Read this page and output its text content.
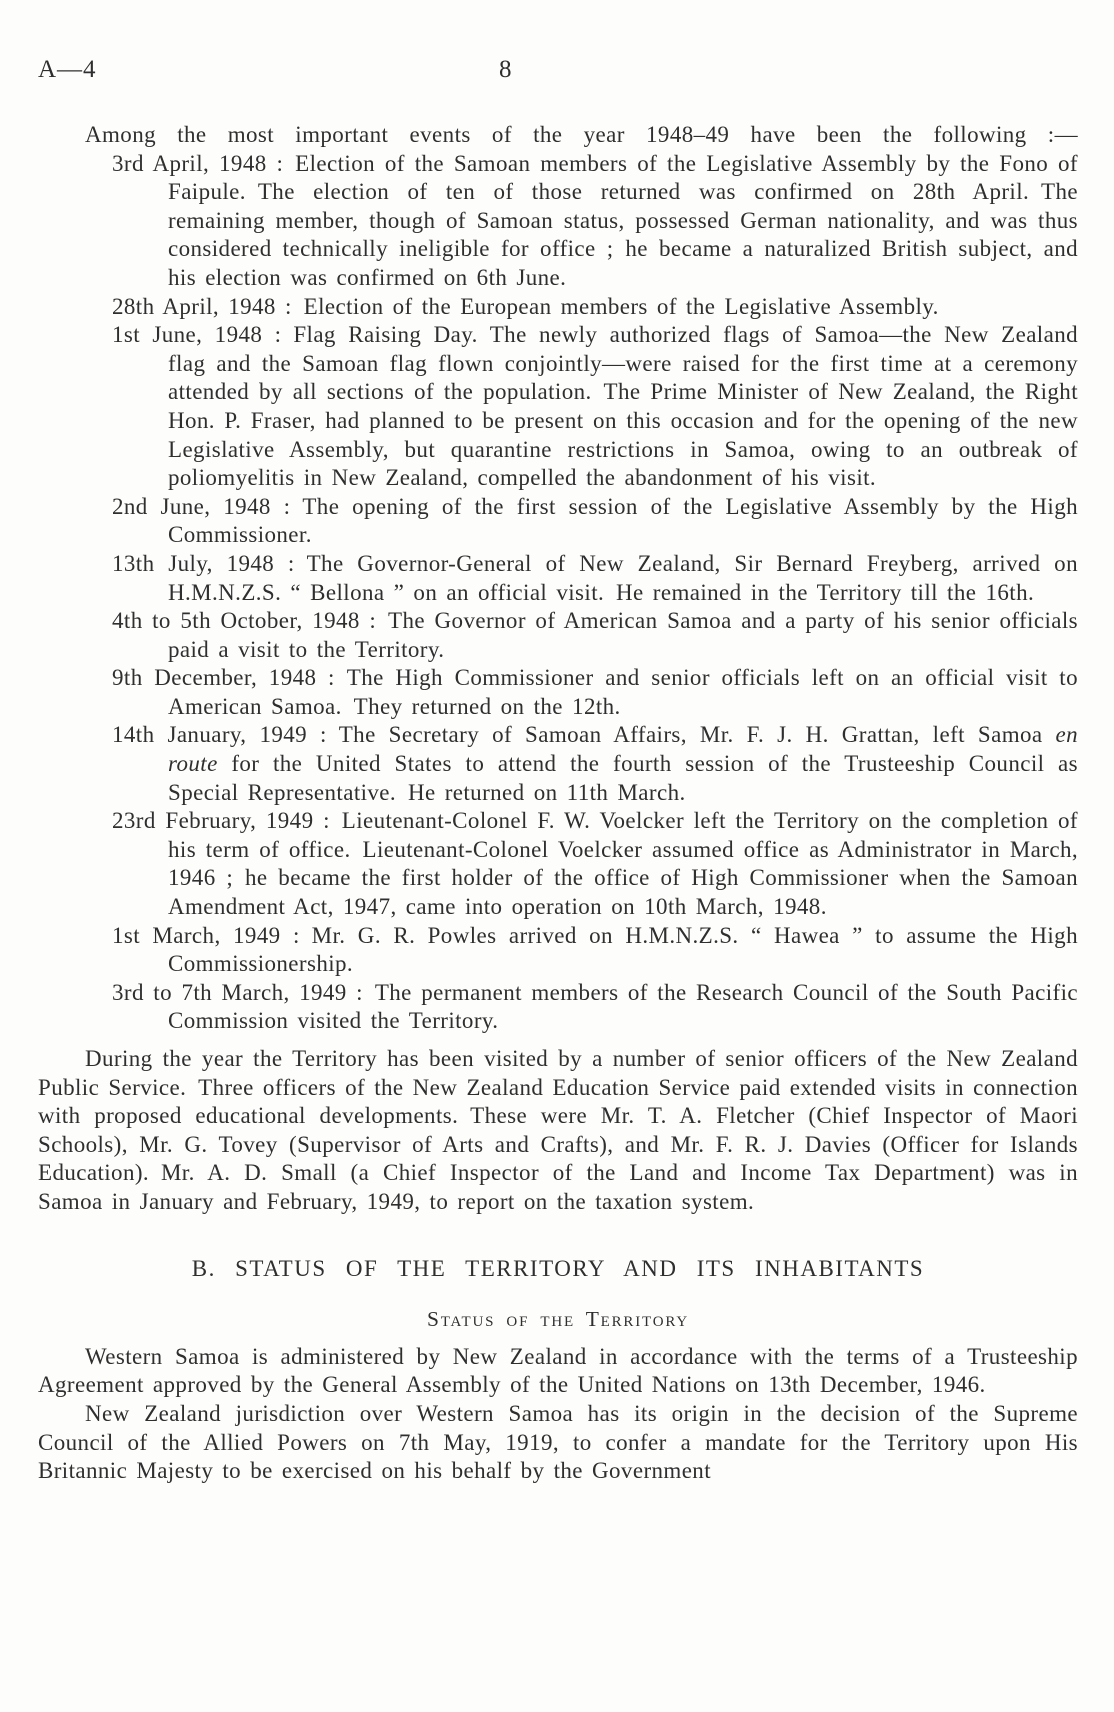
A—4	8

Among the most important events of the year 1948–49 have been the following :—

3rd April, 1948 : Election of the Samoan members of the Legislative Assembly by the Fono of Faipule. The election of ten of those returned was confirmed on 28th April. The remaining member, though of Samoan status, possessed German nationality, and was thus considered technically ineligible for office ; he became a naturalized British subject, and his election was confirmed on 6th June.
28th April, 1948 : Election of the European members of the Legislative Assembly.
1st June, 1948 : Flag Raising Day. The newly authorized flags of Samoa—the New Zealand flag and the Samoan flag flown conjointly—were raised for the first time at a ceremony attended by all sections of the population. The Prime Minister of New Zealand, the Right Hon. P. Fraser, had planned to be present on this occasion and for the opening of the new Legislative Assembly, but quarantine restrictions in Samoa, owing to an outbreak of poliomyelitis in New Zealand, compelled the abandonment of his visit.
2nd June, 1948 : The opening of the first session of the Legislative Assembly by the High Commissioner.
13th July, 1948 : The Governor-General of New Zealand, Sir Bernard Freyberg, arrived on H.M.N.Z.S. “ Bellona ” on an official visit. He remained in the Territory till the 16th.
4th to 5th October, 1948 : The Governor of American Samoa and a party of his senior officials paid a visit to the Territory.
9th December, 1948 : The High Commissioner and senior officials left on an official visit to American Samoa. They returned on the 12th.
14th January, 1949 : The Secretary of Samoan Affairs, Mr. F. J. H. Grattan, left Samoa en route for the United States to attend the fourth session of the Trusteeship Council as Special Representative. He returned on 11th March.
23rd February, 1949 : Lieutenant-Colonel F. W. Voelcker left the Territory on the completion of his term of office. Lieutenant-Colonel Voelcker assumed office as Administrator in March, 1946 ; he became the first holder of the office of High Commissioner when the Samoan Amendment Act, 1947, came into operation on 10th March, 1948.
1st March, 1949 : Mr. G. R. Powles arrived on H.M.N.Z.S. “ Hawea ” to assume the High Commissionership.
3rd to 7th March, 1949 : The permanent members of the Research Council of the South Pacific Commission visited the Territory.

During the year the Territory has been visited by a number of senior officers of the New Zealand Public Service. Three officers of the New Zealand Education Service paid extended visits in connection with proposed educational developments. These were Mr. T. A. Fletcher (Chief Inspector of Maori Schools), Mr. G. Tovey (Supervisor of Arts and Crafts), and Mr. F. R. J. Davies (Officer for Islands Education). Mr. A. D. Small (a Chief Inspector of the Land and Income Tax Department) was in Samoa in January and February, 1949, to report on the taxation system.

B. STATUS OF THE TERRITORY AND ITS INHABITANTS
Status of the Territory

Western Samoa is administered by New Zealand in accordance with the terms of a Trusteeship Agreement approved by the General Assembly of the United Nations on 13th December, 1946.

New Zealand jurisdiction over Western Samoa has its origin in the decision of the Supreme Council of the Allied Powers on 7th May, 1919, to confer a mandate for the Territory upon His Britannic Majesty to be exercised on his behalf by the Government
